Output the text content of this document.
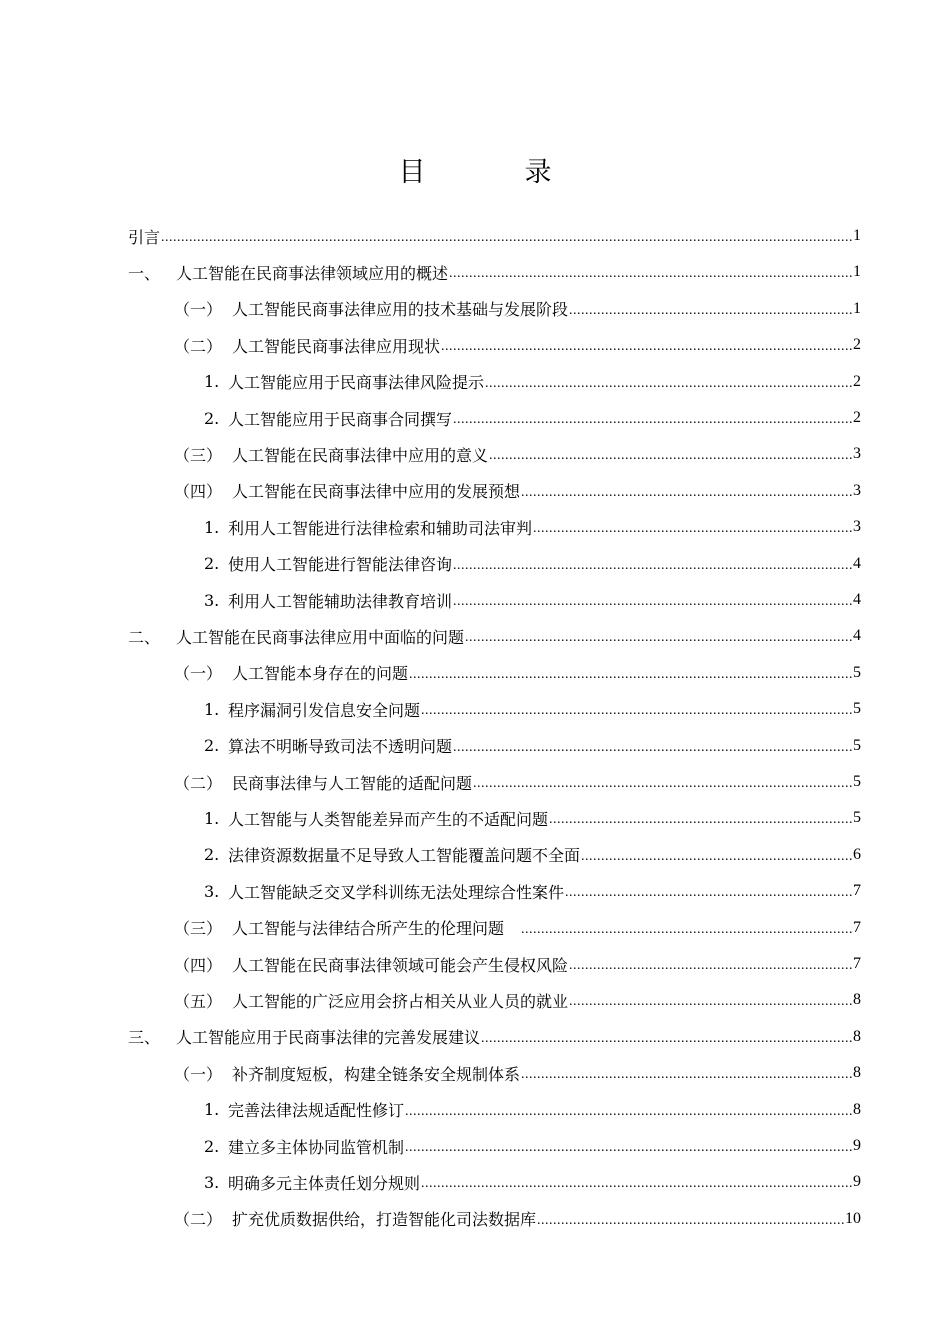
目　录
引言 .....	1
一、 人工智能在民商事法律领域应用的概述 .....	1
（一） 人工智能民商事法律应用的技术基础与发展阶段 .....	1
（二） 人工智能民商事法律应用现状 .....	2
1. 人工智能应用于民商事法律风险提示 .....	2
2. 人工智能应用于民商事合同撰写 .....	2
（三） 人工智能在民商事法律中应用的意义 .....	3
（四） 人工智能在民商事法律中应用的发展预想 .....	3
1. 利用人工智能进行法律检索和辅助司法审判 .....	3
2. 使用人工智能进行智能法律咨询 .....	4
3. 利用人工智能辅助法律教育培训 .....	4
二、 人工智能在民商事法律应用中面临的问题 .....	4
（一） 人工智能本身存在的问题 .....	5
1. 程序漏洞引发信息安全问题 .....	5
2. 算法不明晰导致司法不透明问题 .....	5
（二） 民商事法律与人工智能的适配问题 .....	5
1. 人工智能与人类智能差异而产生的不适配问题 .....	5
2. 法律资源数据量不足导致人工智能覆盖问题不全面 .....	6
3. 人工智能缺乏交叉学科训练无法处理综合性案件 .....	7
（三） 人工智能与法律结合所产生的伦理问题　 .....	7
（四） 人工智能在民商事法律领域可能会产生侵权风险 .....	7
（五） 人工智能的广泛应用会挤占相关从业人员的就业 .....	8
三、 人工智能应用于民商事法律的完善发展建议 .....	8
（一） 补齐制度短板，构建全链条安全规制体系 .....	8
1. 完善法律法规适配性修订 .....	8
2. 建立多主体协同监管机制 .....	9
3. 明确多元主体责任划分规则 .....	9
（二） 扩充优质数据供给，打造智能化司法数据库 .....	10
